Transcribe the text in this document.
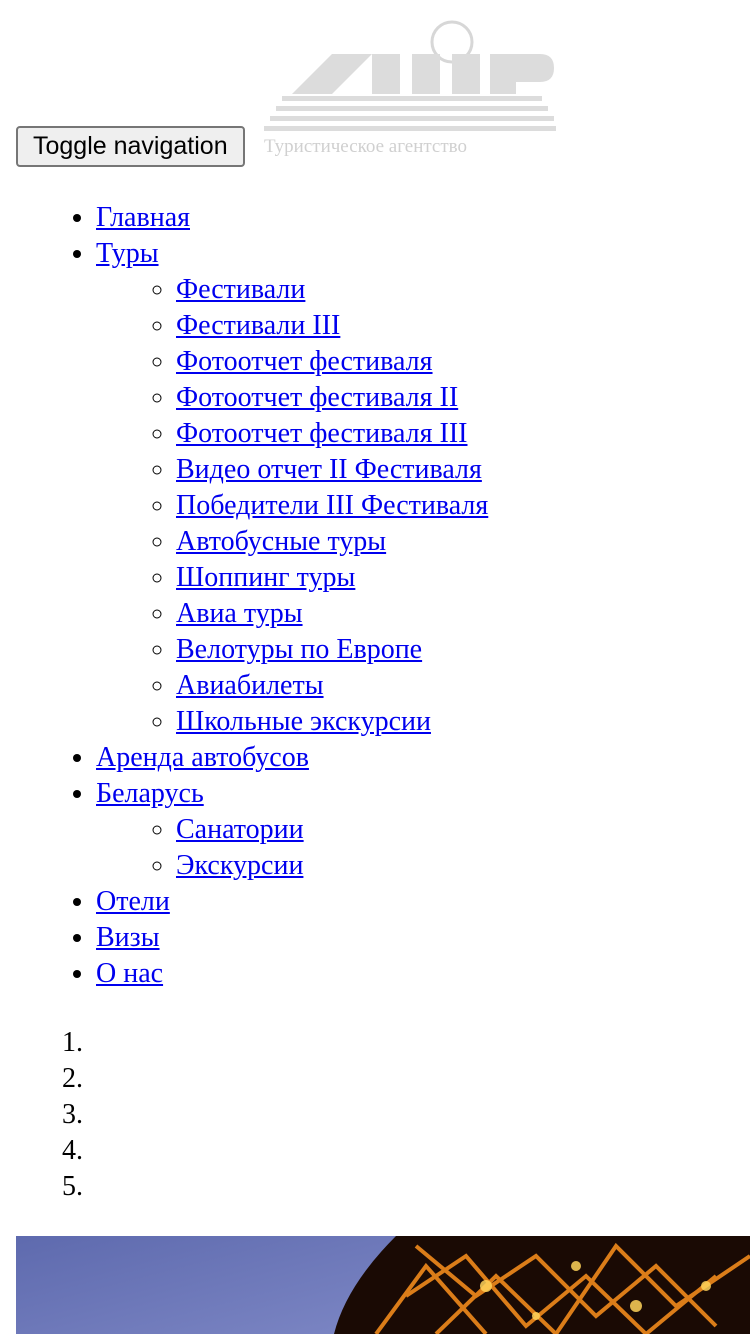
Туристическое агентство
Toggle navigation
• Главная
• Туры
◦ Фестивали
◦ Фестивали III
◦ Фотоотчет фестиваля
◦ Фотоотчет фестиваля II
◦ Фотоотчет фестиваля III
◦ Видео отчет II Фестиваля
◦ Победители III Фестиваля
◦ Автобусные туры
◦ Шоппинг туры
◦ Авиа туры
◦ Велотуры по Европе
◦ Авиабилеты
◦ Школьные экскурсии
• Аренда автобусов
• Беларусь
◦ Санатории
◦ Экскурсии
• Отели
• Визы
• О нас
